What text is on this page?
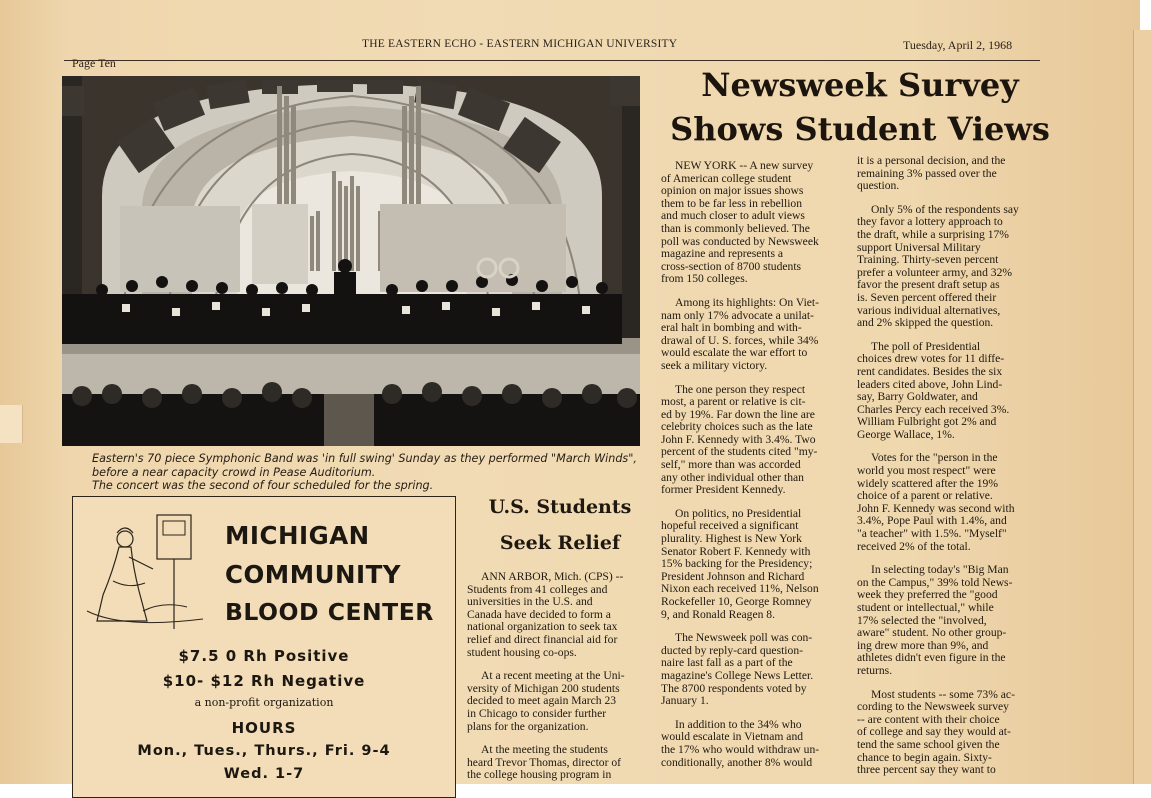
Page Ten
THE EASTERN ECHO - EASTERN MICHIGAN UNIVERSITY	Tuesday, April 2, 1968
Eastern's 70 piece Symphonic Band was 'in full swing' Sunday as they performed "March Winds",
before a near capacity crowd in Pease Auditorium.
The concert was the second of four scheduled for the spring.
MICHIGAN
COMMUNITY
BLOOD CENTER
$7.5 0 Rh Positive
$10- $12 Rh Negative
a non-profit organization
HOURS
Mon., Tues., Thurs., Fri. 9-4
Wed. 1-7
U.S. Students
Seek Relief

ANN ARBOR, Mich. (CPS) --
Students from 41 colleges and
universities in the U.S. and
Canada have decided to form a
national organization to seek tax
relief and direct financial aid for
student housing co-ops.

At a recent meeting at the Uni-
versity of Michigan 200 students
decided to meet again March 23
in Chicago to consider further
plans for the organization.

At the meeting the students
heard Trevor Thomas, director of
the college housing program in

Newsweek Survey
Shows Student Views

NEW YORK -- A new survey
of American college student
opinion on major issues shows
them to be far less in rebellion
and much closer to adult views
than is commonly believed. The
poll was conducted by Newsweek
magazine and represents a
cross-section of 8700 students
from 150 colleges.

Among its highlights: On Viet-
nam only 17% advocate a unilat-
eral halt in bombing and with-
drawal of U. S. forces, while 34%
would escalate the war effort to
seek a military victory.

The one person they respect
most, a parent or relative is cit-
ed by 19%. Far down the line are
celebrity choices such as the late
John F. Kennedy with 3.4%. Two
percent of the students cited "my-
self," more than was accorded
any other individual other than
former President Kennedy.

On politics, no Presidential
hopeful received a significant
plurality. Highest is New York
Senator Robert F. Kennedy with
15% backing for the Presidency;
President Johnson and Richard
Nixon each received 11%, Nelson
Rockefeller 10, George Romney
9, and Ronald Reagen 8.

The Newsweek poll was con-
ducted by reply-card question-
naire last fall as a part of the
magazine's College News Letter.
The 8700 respondents voted by
January 1.

In addition to the 34% who
would escalate in Vietnam and
the 17% who would withdraw un-
conditionally, another 8% would

it is a personal decision, and the
remaining 3% passed over the
question.

Only 5% of the respondents say
they favor a lottery approach to
the draft, while a surprising 17%
support Universal Military
Training. Thirty-seven percent
prefer a volunteer army, and 32%
favor the present draft setup as
is. Seven percent offered their
various individual alternatives,
and 2% skipped the question.

The poll of Presidential
choices drew votes for 11 diffe-
rent candidates. Besides the six
leaders cited above, John Lind-
say, Barry Goldwater, and
Charles Percy each received 3%.
William Fulbright got 2% and
George Wallace, 1%.

Votes for the "person in the
world you most respect" were
widely scattered after the 19%
choice of a parent or relative.
John F. Kennedy was second with
3.4%, Pope Paul with 1.4%, and
"a teacher" with 1.5%. "Myself"
received 2% of the total.

In selecting today's "Big Man
on the Campus," 39% told News-
week they preferred the "good
student or intellectual," while
17% selected the "involved,
aware" student. No other group-
ing drew more than 9%, and
athletes didn't even figure in the
returns.

Most students -- some 73% ac-
cording to the Newsweek survey
-- are content with their choice
of college and say they would at-
tend the same school given the
chance to begin again. Sixty-
three percent say they want to
